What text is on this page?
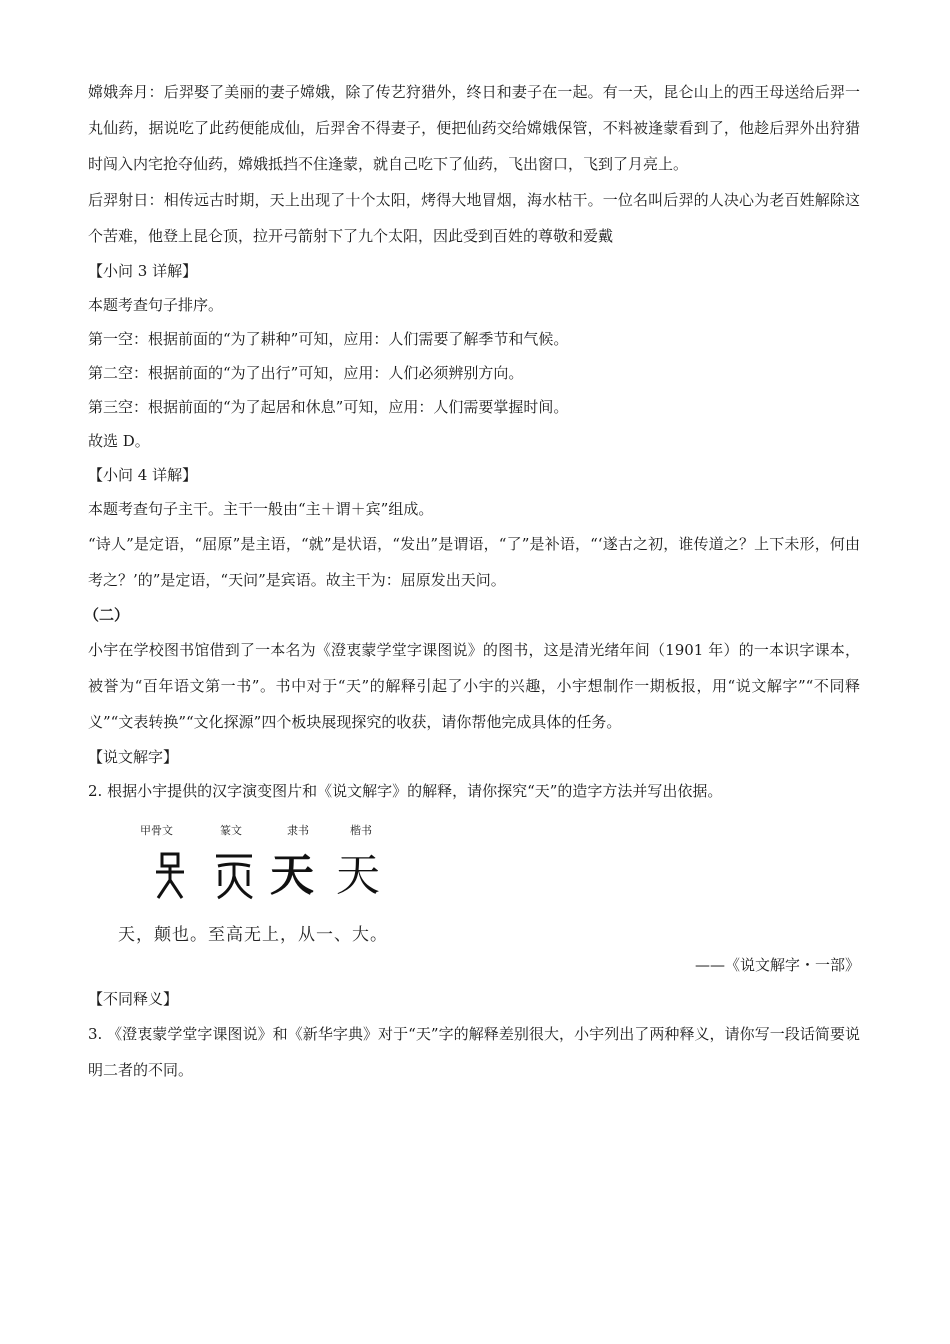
嫦娥奔月：后羿娶了美丽的妻子嫦娥，除了传艺狩猎外，终日和妻子在一起。有一天，昆仑山上的西王母送给后羿一丸仙药，据说吃了此药便能成仙，后羿舍不得妻子，便把仙药交给嫦娥保管，不料被逢蒙看到了，他趁后羿外出狩猎时闯入内宅抢夺仙药，嫦娥抵挡不住逢蒙，就自己吃下了仙药，飞出窗口，飞到了月亮上。

后羿射日：相传远古时期，天上出现了十个太阳，烤得大地冒烟，海水枯干。一位名叫后羿的人决心为老百姓解除这个苦难，他登上昆仑顶，拉开弓箭射下了九个太阳，因此受到百姓的尊敬和爱戴

【小问 3 详解】

本题考查句子排序。

第一空：根据前面的“为了耕种”可知，应用：人们需要了解季节和气候。

第二空：根据前面的“为了出行”可知，应用：人们必须辨别方向。

第三空：根据前面的“为了起居和休息”可知，应用：人们需要掌握时间。

故选 D。

【小问 4 详解】

本题考查句子主干。主干一般由“主＋谓＋宾”组成。

“诗人”是定语，“屈原”是主语，“就”是状语，“发出”是谓语，“了”是补语，“‘遂古之初，谁传道之？上下未形，何由考之？’的”是定语，“天问”是宾语。故主干为：屈原发出天问。

（二）

小宇在学校图书馆借到了一本名为《澄衷蒙学堂字课图说》的图书，这是清光绪年间（1901 年）的一本识字课本，被誉为“百年语文第一书”。书中对于“天”的解释引起了小宇的兴趣，小宇想制作一期板报，用“说文解字”“不同释义”“文表转换”“文化探源”四个板块展现探究的收获，请你帮他完成具体的任务。

【说文解字】

2. 根据小宇提供的汉字演变图片和《说文解字》的解释，请你探究“天”的造字方法并写出依据。

甲骨文	篆文	隶书	楷书
天 天
天，颠也。至高无上，从一、大。

——《说文解字・一部》

【不同释义】

3. 《澄衷蒙学堂字课图说》和《新华字典》对于“天”字的解释差别很大，小宇列出了两种释义，请你写一段话简要说明二者的不同。
